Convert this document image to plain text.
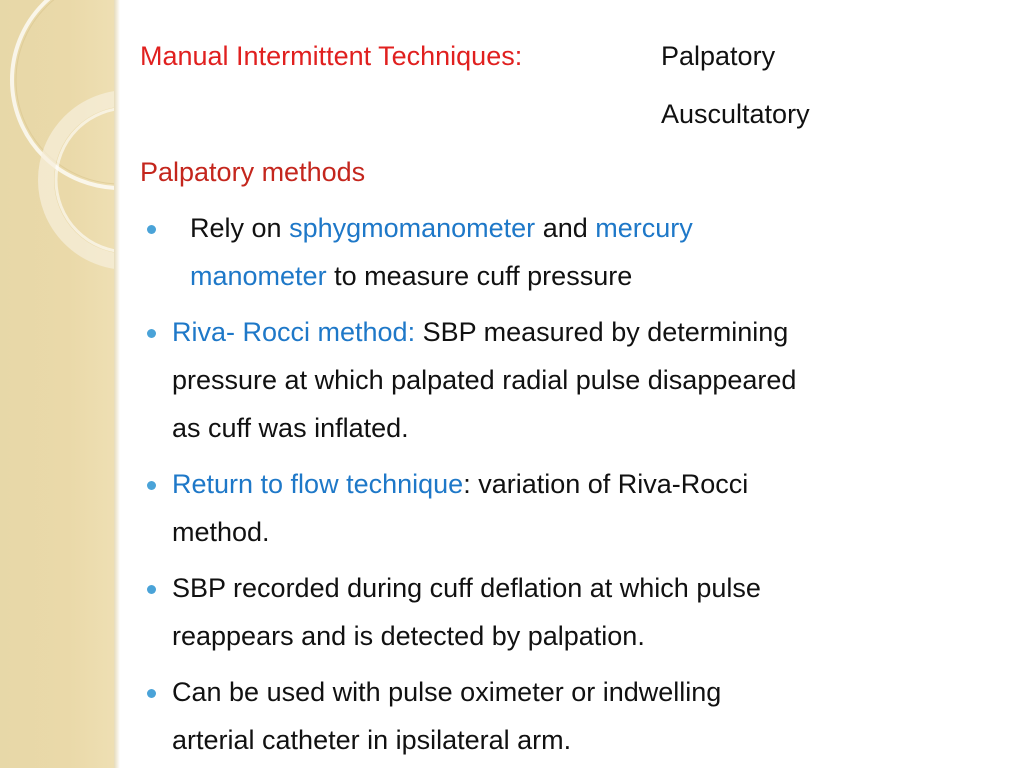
Manual Intermittent Techniques:	Palpatory
Auscultatory
Palpatory methods

Rely on sphygmomanometer and mercury

manometer to measure cuff pressure

Riva- Rocci method: SBP measured by determining

pressure at which palpated radial pulse disappeared

as cuff was inflated.

Return to flow technique: variation of Riva-Rocci

method.

SBP recorded during cuff deflation at which pulse

reappears and is detected by palpation.

Can be used with pulse oximeter or indwelling

arterial catheter in ipsilateral arm.
